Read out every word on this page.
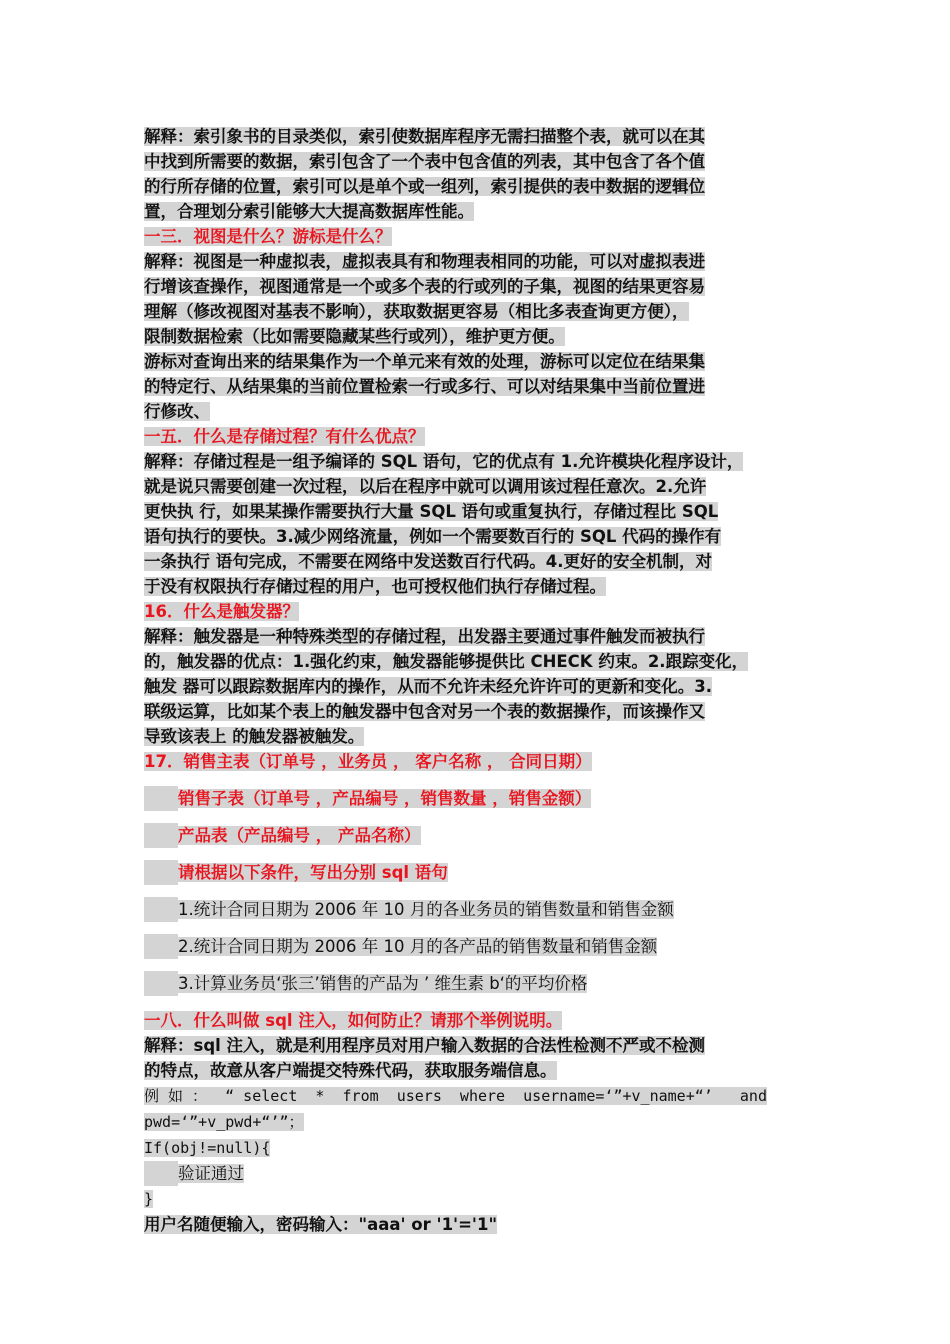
解释：索引象书的目录类似，索引使数据库程序无需扫描整个表，就可以在其
中找到所需要的数据，索引包含了一个表中包含值的列表，其中包含了各个值
的行所存储的位置，索引可以是单个或一组列，索引提供的表中数据的逻辑位
置，合理划分索引能够大大提高数据库性能。
一三．视图是什么？游标是什么？
解释：视图是一种虚拟表，虚拟表具有和物理表相同的功能，可以对虚拟表进
行增该查操作，视图通常是一个或多个表的行或列的子集，视图的结果更容易
理解（修改视图对基表不影响），获取数据更容易（相比多表查询更方便），
限制数据检索（比如需要隐藏某些行或列），维护更方便。
游标对查询出来的结果集作为一个单元来有效的处理，游标可以定位在结果集
的特定行、从结果集的当前位置检索一行或多行、可以对结果集中当前位置进
行修改、
一五．什么是存储过程？有什么优点？
解释：存储过程是一组予编译的 SQL 语句，它的优点有 1.允许模块化程序设计，
就是说只需要创建一次过程，以后在程序中就可以调用该过程任意次。2.允许
更快执 行，如果某操作需要执行大量 SQL 语句或重复执行，存储过程比 SQL
语句执行的要快。3.减少网络流量，例如一个需要数百行的 SQL 代码的操作有
一条执行 语句完成，不需要在网络中发送数百行代码。4.更好的安全机制，对
于没有权限执行存储过程的用户，也可授权他们执行存储过程。
16．什么是触发器？
解释：触发器是一种特殊类型的存储过程，出发器主要通过事件触发而被执行
的，触发器的优点：1.强化约束，触发器能够提供比 CHECK 约束。2.跟踪变化，
触发 器可以跟踪数据库内的操作，从而不允许未经允许许可的更新和变化。3.
联级运算，比如某个表上的触发器中包含对另一个表的数据操作，而该操作又
导致该表上 的触发器被触发。
17．销售主表（订单号 ，业务员 ， 客户名称 ， 合同日期）
销售子表（订单号 ，产品编号 ，销售数量 ，销售金额）
产品表（产品编号 ， 产品名称）
请根据以下条件，写出分别 sql 语句
1.统计合同日期为 2006 年 10 月的各业务员的销售数量和销售金额
2.统计合同日期为 2006 年 10 月的各产品的销售数量和销售金额
3.计算业务员‘张三’销售的产品为 ’ 维生素 b‘的平均价格
一八．什么叫做 sql 注入，如何防止？请那个举例说明。
解释：sql 注入，就是利用程序员对用户输入数据的合法性检测不严或不检测
的特点，故意从客户端提交特殊代码，获取服务端信息。
例 如 ：  “ select  *  from  users  where  username=‘”+v_name+“’   and
pwd=‘”+v_pwd+“’”；
If(obj!=null){
验证通过
}
用户名随便输入，密码输入："aaa' or '1'='1"
